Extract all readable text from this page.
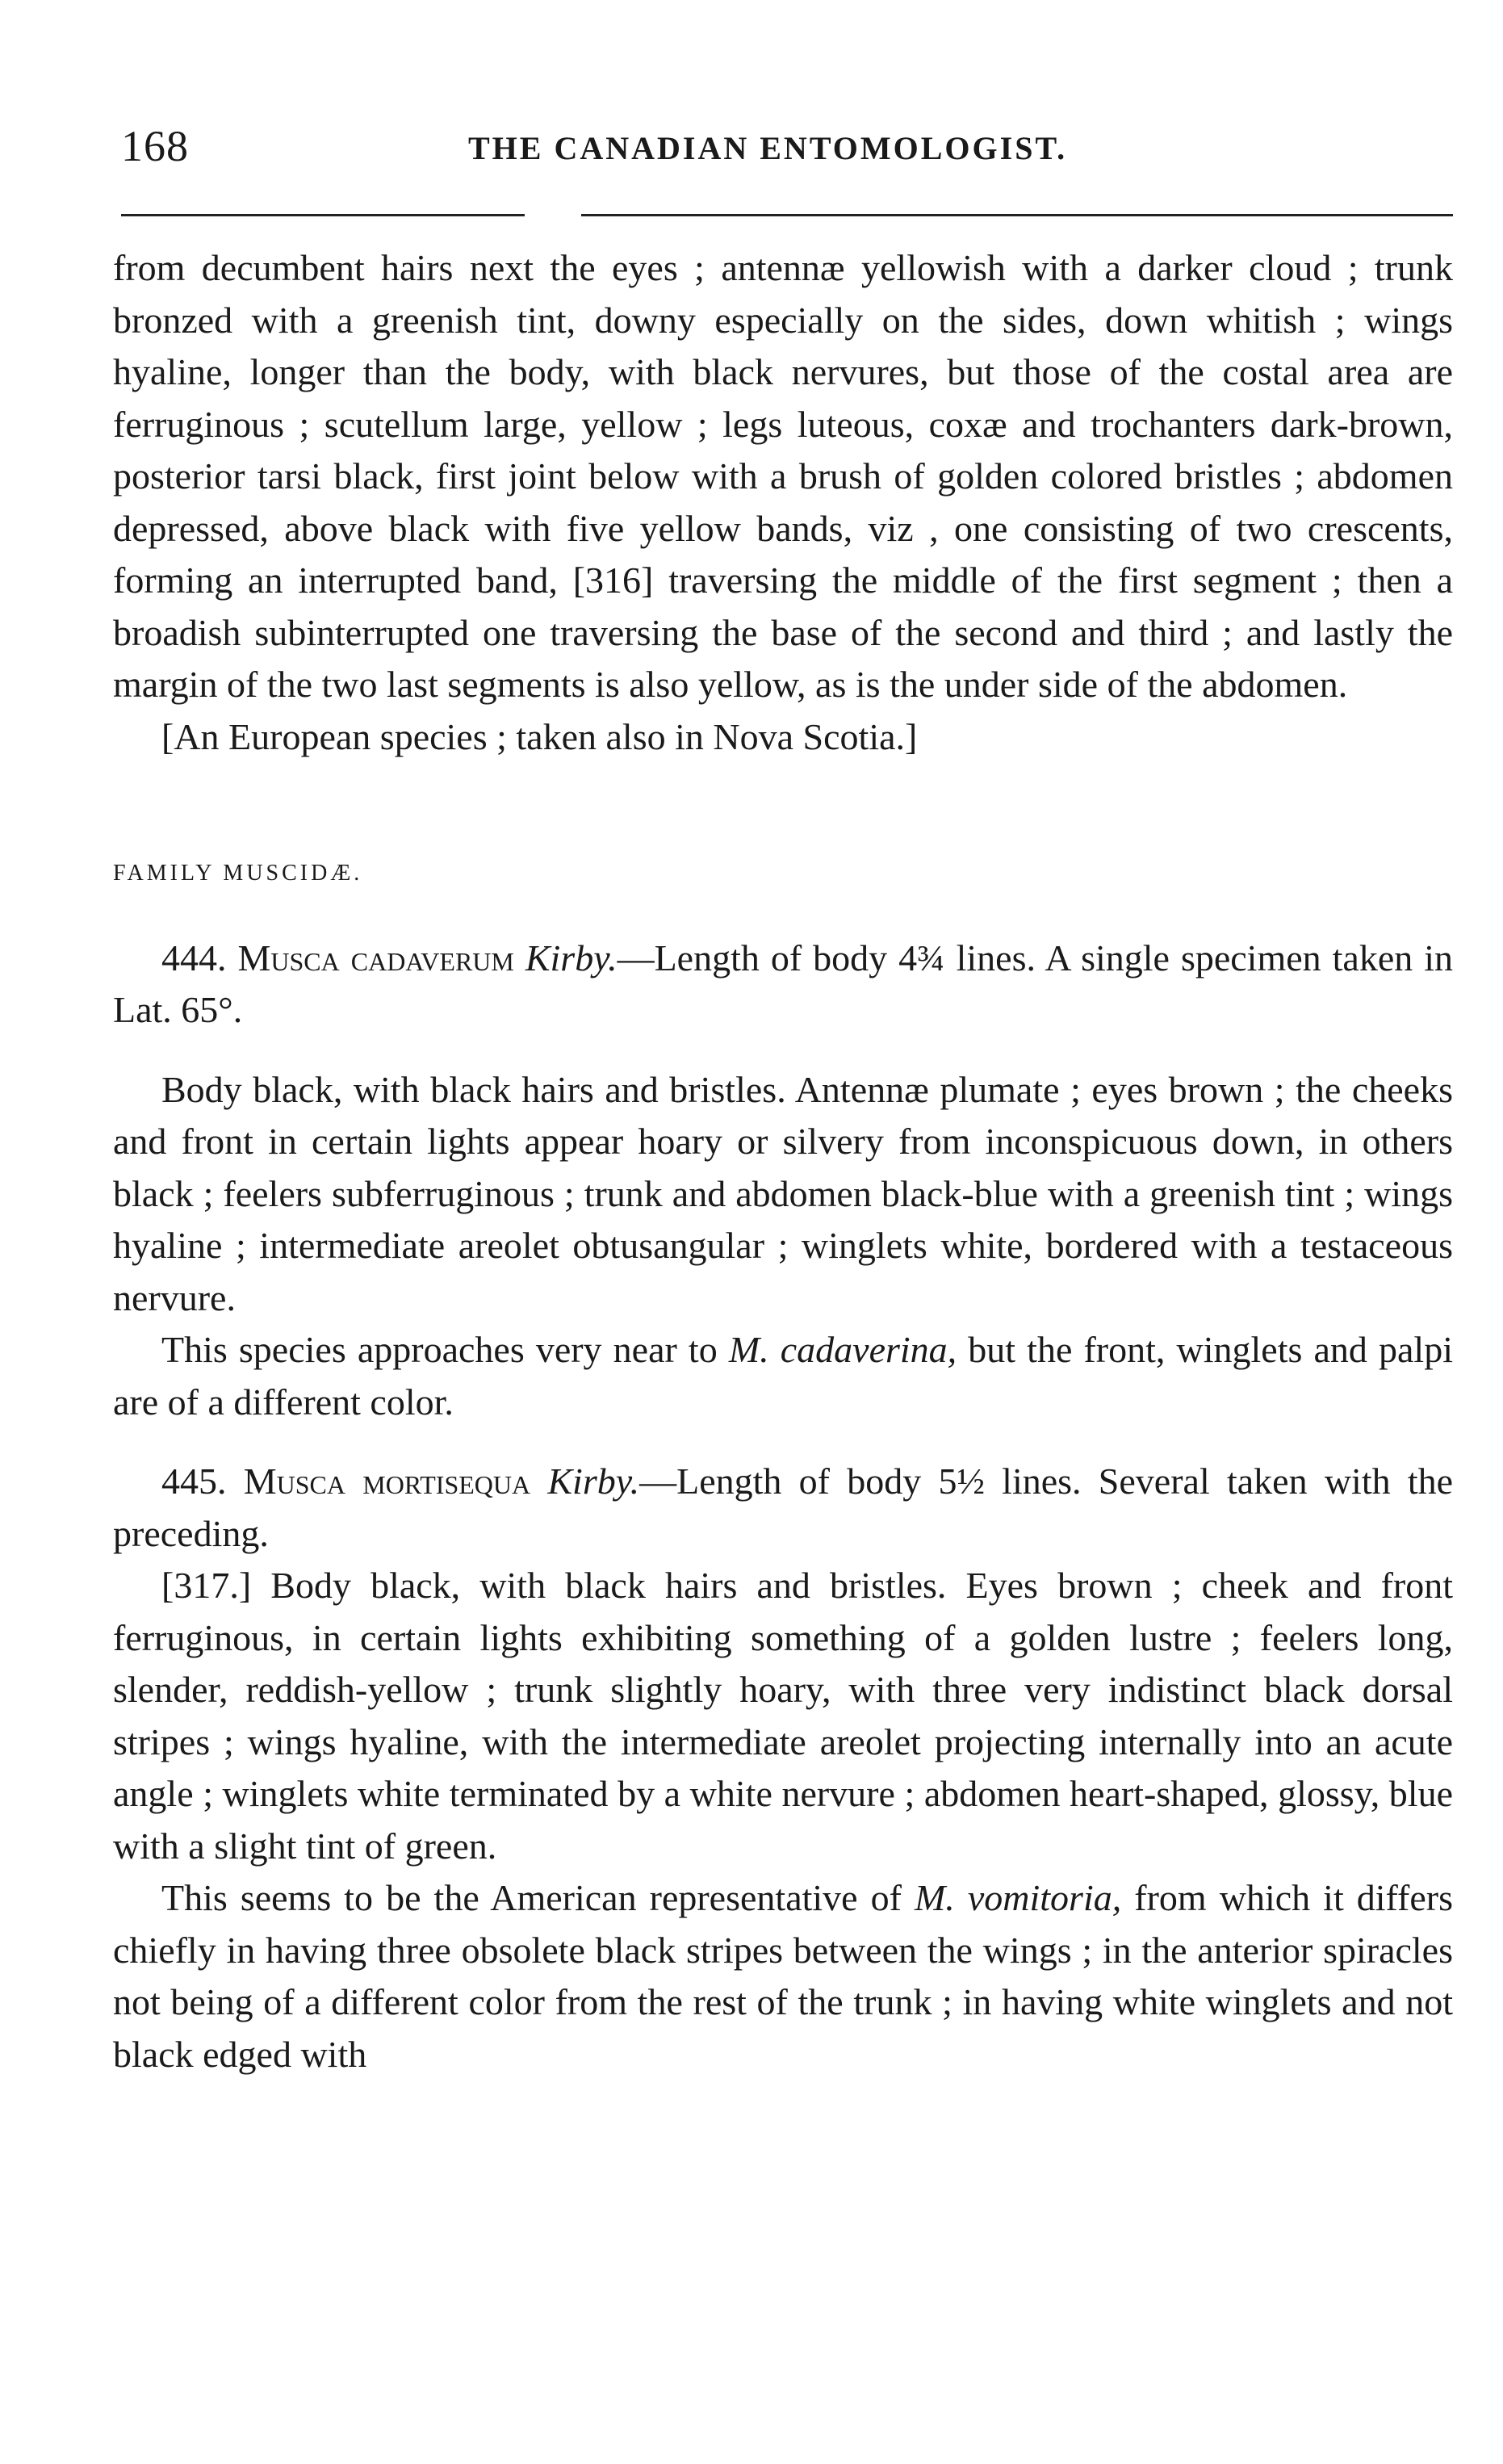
168	THE CANADIAN ENTOMOLOGIST.

from decumbent hairs next the eyes ; antennæ yellowish with a darker cloud ; trunk bronzed with a greenish tint, downy especially on the sides, down whitish ; wings hyaline, longer than the body, with black nervures, but those of the costal area are ferruginous ; scutellum large, yellow ; legs luteous, coxæ and trochanters dark-brown, posterior tarsi black, first joint below with a brush of golden colored bristles ; abdomen depressed, above black with five yellow bands, viz , one consisting of two crescents, forming an interrupted band, [316] traversing the middle of the first segment ; then a broadish subinterrupted one traversing the base of the second and third ; and lastly the margin of the two last segments is also yellow, as is the under side of the abdomen.

[An European species ; taken also in Nova Scotia.]

FAMILY MUSCIDÆ.

444. Musca cadaverum Kirby.—Length of body 4¾ lines. A single specimen taken in Lat. 65°.

Body black, with black hairs and bristles. Antennæ plumate ; eyes brown ; the cheeks and front in certain lights appear hoary or silvery from inconspicuous down, in others black ; feelers subferruginous ; trunk and abdomen black-blue with a greenish tint ; wings hyaline ; intermediate areolet obtusangular ; winglets white, bordered with a testaceous nervure.

This species approaches very near to M. cadaverina, but the front, winglets and palpi are of a different color.

445. Musca mortisequa Kirby.—Length of body 5½ lines. Several taken with the preceding.

[317.] Body black, with black hairs and bristles. Eyes brown ; cheek and front ferruginous, in certain lights exhibiting something of a golden lustre ; feelers long, slender, reddish-yellow ; trunk slightly hoary, with three very indistinct black dorsal stripes ; wings hyaline, with the intermediate areolet projecting internally into an acute angle ; winglets white terminated by a white nervure ; abdomen heart-shaped, glossy, blue with a slight tint of green.

This seems to be the American representative of M. vomitoria, from which it differs chiefly in having three obsolete black stripes between the wings ; in the anterior spiracles not being of a different color from the rest of the trunk ; in having white winglets and not black edged with
